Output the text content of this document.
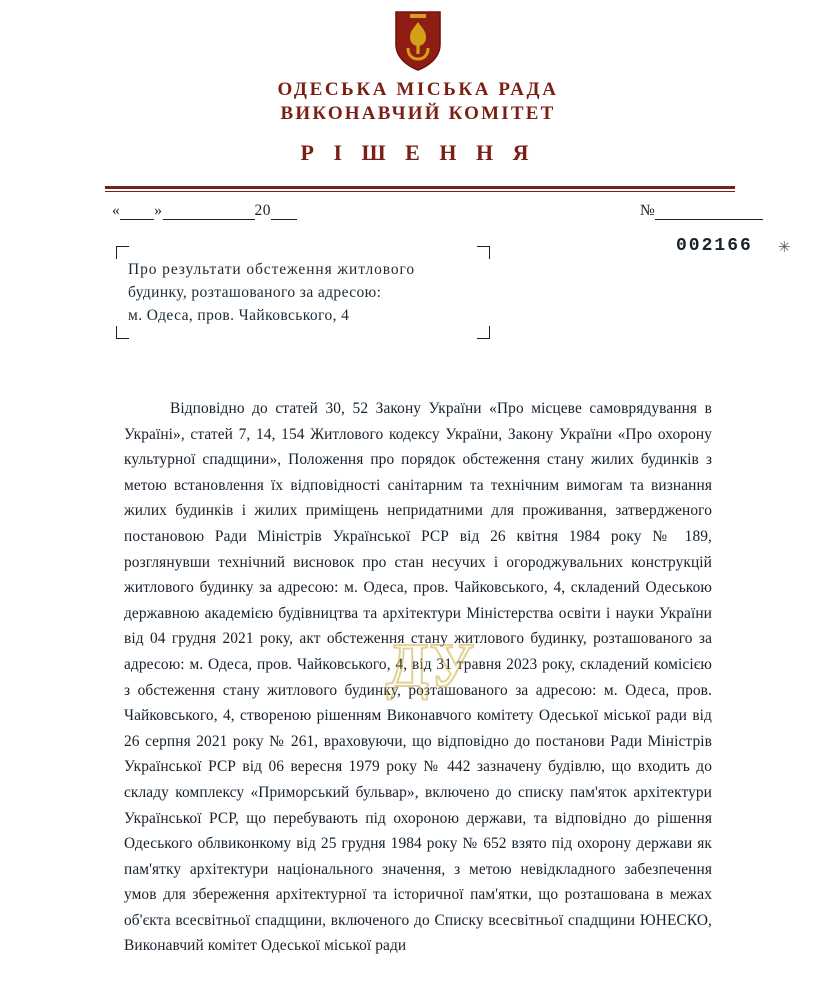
ОДЕСЬКА МІСЬКА РАДА
ВИКОНАВЧИЙ КОМІТЕТ
Р І Ш Е Н Н Я
« »	20	№
002166 ✳
Про результати обстеження житлового
будинку, розташованого за адресою:
м. Одеса, пров. Чайковського, 4
Відповідно до статей 30, 52 Закону України «Про місцеве самоврядування в Україні», статей 7, 14, 154 Житлового кодексу України, Закону України «Про охорону культурної спадщини», Положення про порядок обстеження стану жилих будинків з метою встановлення їх відповідності санітарним та технічним вимогам та визнання жилих будинків і жилих приміщень непридатними для проживання, затвердженого постановою Ради Міністрів Української РСР від 26 квітня 1984 року № 189, розглянувши технічний висновок про стан несучих і огороджувальних конструкцій житлового будинку за адресою: м. Одеса, пров. Чайковського, 4, складений Одеською державною академією будівництва та архітектури Міністерства освіти і науки України від 04 грудня 2021 року, акт обстеження стану житлового будинку, розташованого за адресою: м. Одеса, пров. Чайковського, 4, від 31 травня 2023 року, складений комісією з обстеження стану житлового будинку, розташованого за адресою: м. Одеса, пров. Чайковського, 4, створеною рішенням Виконавчого комітету Одеської міської ради від 26 серпня 2021 року № 261, враховуючи, що відповідно до постанови Ради Міністрів Української РСР від 06 вересня 1979 року № 442 зазначену будівлю, що входить до складу комплексу «Приморський бульвар», включено до списку пам'яток архітектури Української РСР, що перебувають під охороною держави, та відповідно до рішення Одеського облвиконкому від 25 грудня 1984 року № 652 взято під охорону держави як пам'ятку архітектури національного значення, з метою невідкладного забезпечення умов для збереження архітектурної та історичної пам'ятки, що розташована в межах об'єкта всесвітньої спадщини, включеного до Списку всесвітньої спадщини ЮНЕСКО, Виконавчий комітет Одеської міської ради
ДУ
